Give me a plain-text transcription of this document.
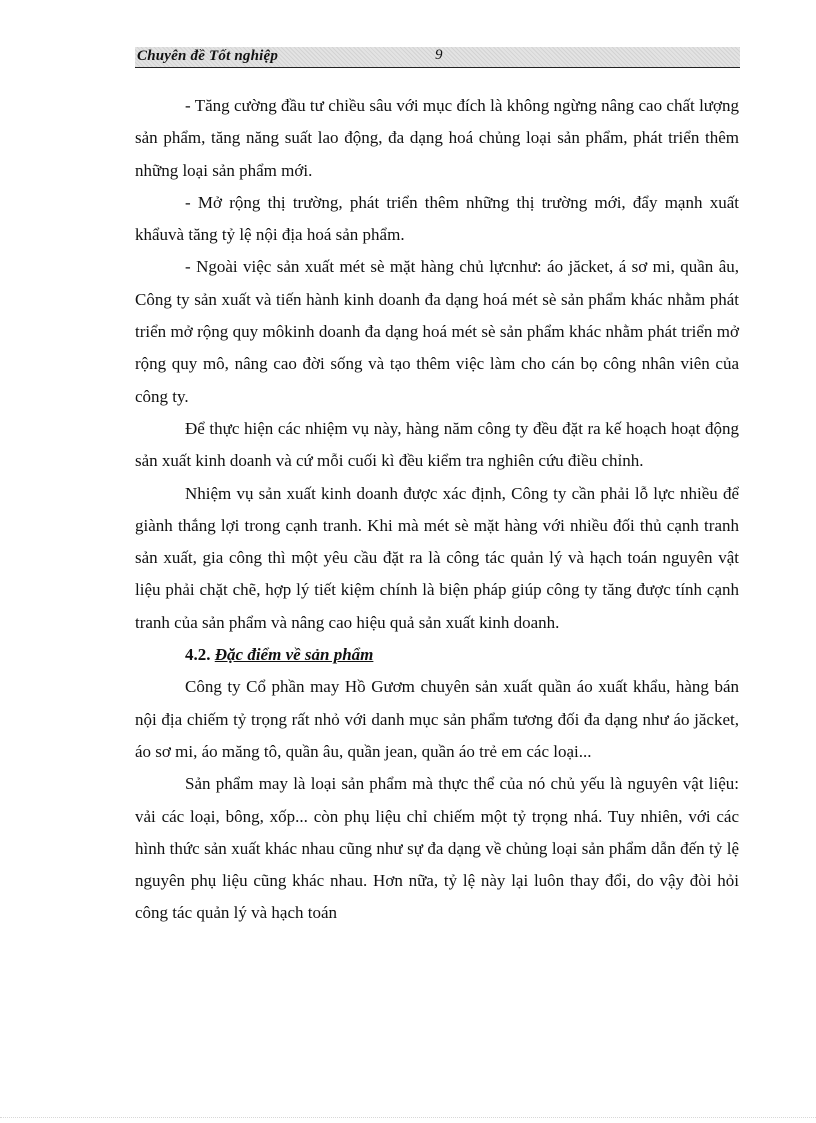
Chuyên đề Tốt nghiệp	9

- Tăng cường đầu tư chiều sâu với mục đích là không ngừng nâng cao chất lượng sản phẩm, tăng năng suất lao động, đa dạng hoá chủng loại sản phẩm, phát triển thêm những loại sản phẩm mới.

- Mở rộng thị trường, phát triển thêm những thị trường mới, đẩy mạnh xuất khẩuvà tăng tỷ lệ nội địa hoá sản phẩm.

- Ngoài việc sản xuất mét sè mặt hàng chủ lựcnhư: áo jăcket, á sơ mi, quần âu, Công ty sản xuất và tiến hành kinh doanh đa dạng hoá mét sè sản phẩm khác nhằm phát triển mở rộng quy môkinh doanh đa dạng hoá mét sè sản phẩm khác nhằm phát triển mở rộng quy mô, nâng cao đời sống và tạo thêm việc làm cho cán bọ công nhân viên của công ty.

Để thực hiện các nhiệm vụ này, hàng năm công ty đều đặt ra kế hoạch hoạt động sản xuất kinh doanh và cứ mỗi cuối kì đều kiểm tra nghiên cứu điều chỉnh.

Nhiệm vụ sản xuất kinh doanh được xác định, Công ty cần phải lỗ lực nhiều để giành thắng lợi trong cạnh tranh. Khi mà mét sè mặt hàng với nhiều đối thủ cạnh tranh sản xuất, gia công thì một yêu cầu đặt ra là công tác quản lý và hạch toán nguyên vật liệu phải chặt chẽ, hợp lý tiết kiệm chính là biện pháp giúp công ty tăng được tính cạnh tranh của sản phẩm và nâng cao hiệu quả sản xuất kinh doanh.

4.2. Đặc điểm về sản phẩm

Công ty Cổ phần may Hồ Gươm chuyên sản xuất quần áo xuất khẩu, hàng bán nội địa chiếm tỷ trọng rất nhỏ với danh mục sản phẩm tương đối đa dạng như áo jăcket, áo sơ mi, áo măng tô, quần âu, quần jean, quần áo trẻ em các loại...

Sản phẩm may là loại sản phẩm mà thực thể của nó chủ yếu là nguyên vật liệu: vải các loại, bông, xốp... còn phụ liệu chỉ chiếm một tỷ trọng nhá. Tuy nhiên, với các hình thức sản xuất khác nhau cũng như sự đa dạng về chủng loại sản phẩm dẫn đến tỷ lệ nguyên phụ liệu cũng khác nhau. Hơn nữa, tỷ lệ này lại luôn thay đổi, do vậy đòi hỏi công tác quản lý và hạch toán
